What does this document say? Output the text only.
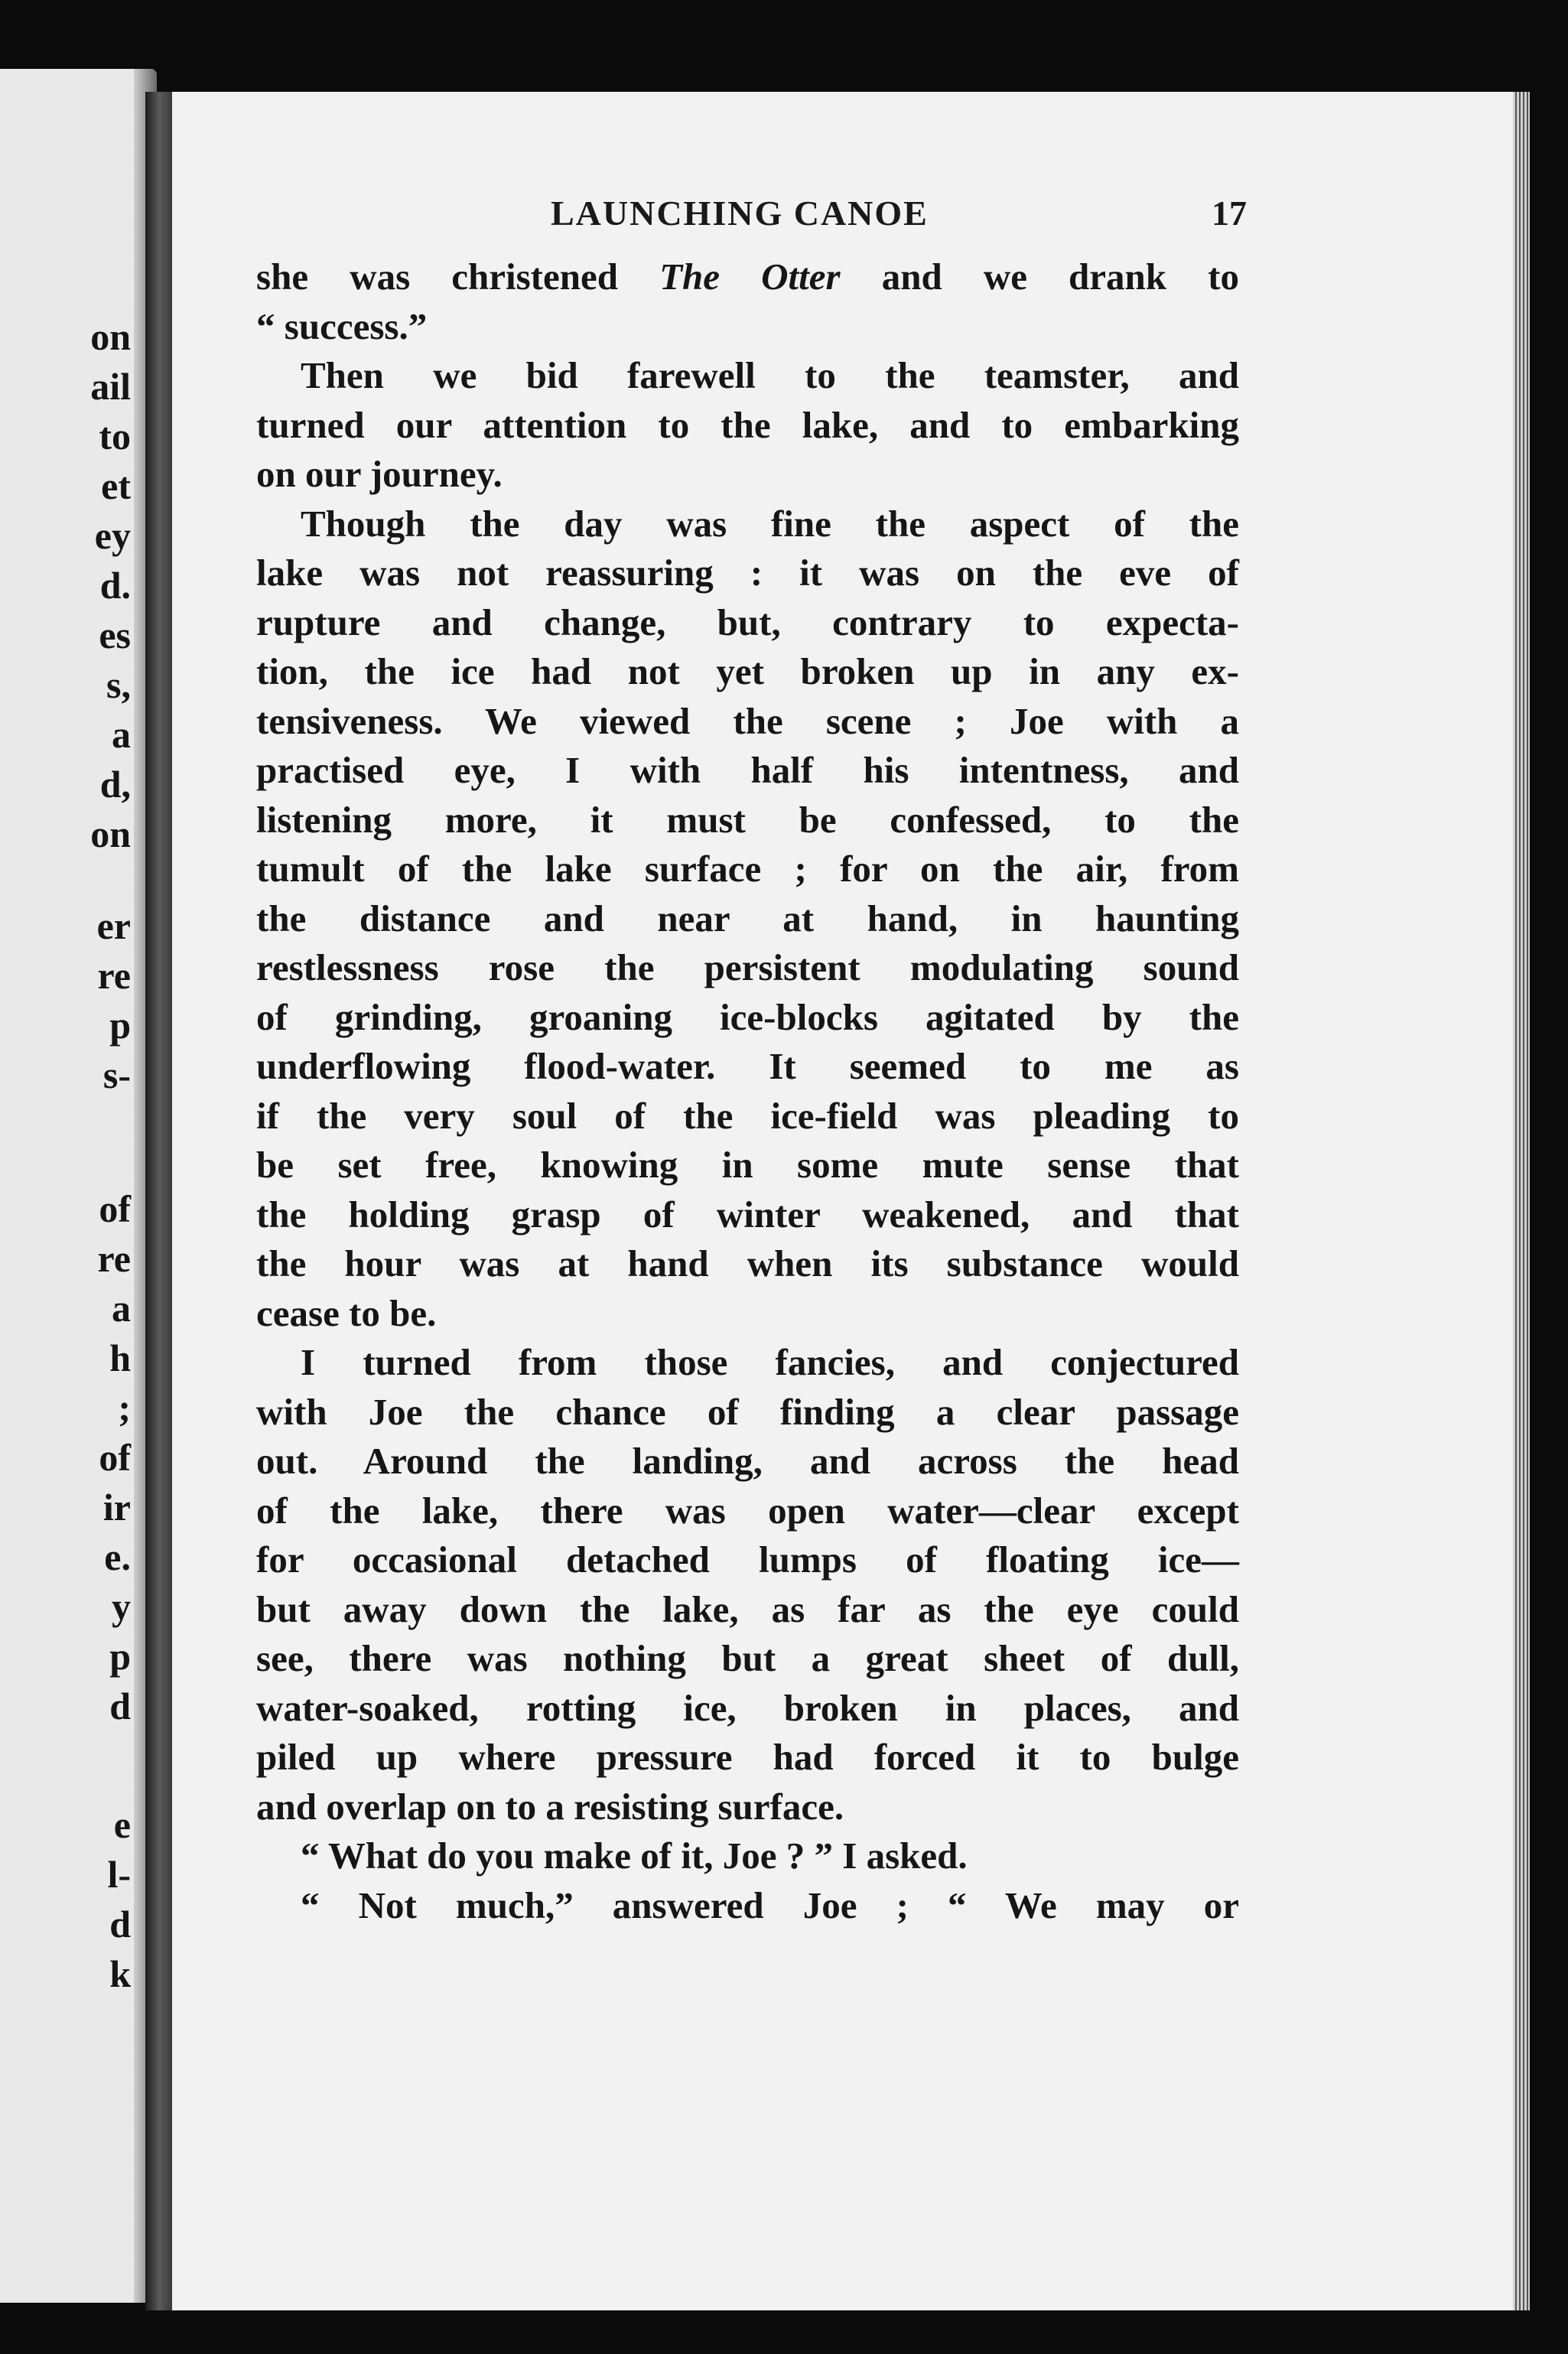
on
ail
to
et
ey
d.
es
s,
a
d,
on
er
re
p
s-
of
re
a
h
;
of
ir
e.
y
p
d
e
l-
d
k
LAUNCHING CANOE	17

she was christened The Otter and we drank to

“ success.”

Then we bid farewell to the teamster, and

turned our attention to the lake, and to embarking

on our journey.

Though the day was fine the aspect of the

lake was not reassuring : it was on the eve of

rupture and change, but, contrary to expecta-

tion, the ice had not yet broken up in any ex-

tensiveness. We viewed the scene ; Joe with a

practised eye, I with half his intentness, and

listening more, it must be confessed, to the

tumult of the lake surface ; for on the air, from

the distance and near at hand, in haunting

restlessness rose the persistent modulating sound

of grinding, groaning ice-blocks agitated by the

underflowing flood-water. It seemed to me as

if the very soul of the ice-field was pleading to

be set free, knowing in some mute sense that

the holding grasp of winter weakened, and that

the hour was at hand when its substance would

cease to be.

I turned from those fancies, and conjectured

with Joe the chance of finding a clear passage

out. Around the landing, and across the head

of the lake, there was open water—clear except

for occasional detached lumps of floating ice—

but away down the lake, as far as the eye could

see, there was nothing but a great sheet of dull,

water-soaked, rotting ice, broken in places, and

piled up where pressure had forced it to bulge

and overlap on to a resisting surface.

“ What do you make of it, Joe ? ” I asked.

“ Not much,” answered Joe ; “ We may or
